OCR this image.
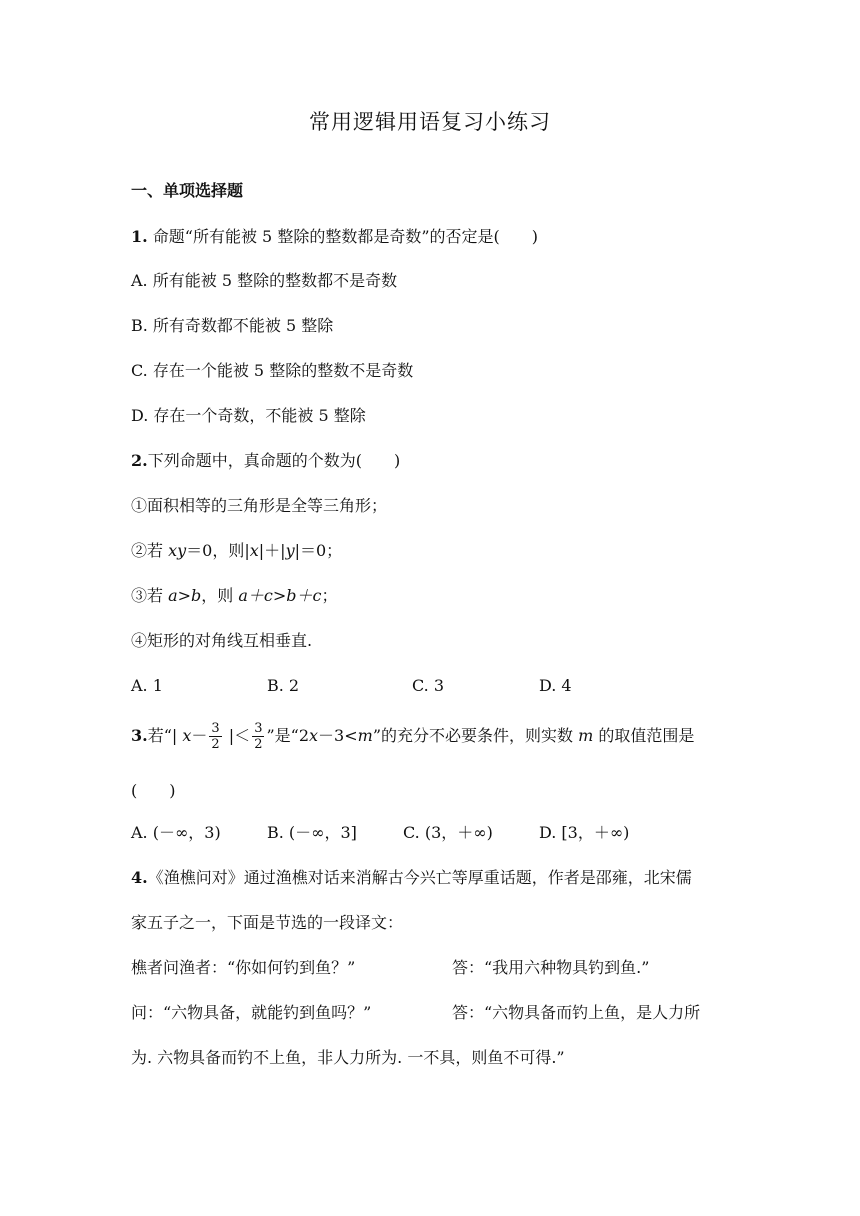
常用逻辑用语复习小练习
一、单项选择题
1. 命题“所有能被 5 整除的整数都是奇数”的否定是(　　)
A. 所有能被 5 整除的整数都不是奇数
B. 所有奇数都不能被 5 整除
C. 存在一个能被 5 整除的整数不是奇数
D. 存在一个奇数，不能被 5 整除
2.下列命题中，真命题的个数为(　　)
①面积相等的三角形是全等三角形；
②若 xy＝0，则|x|＋|y|＝0；
③若 a>b，则 a＋c>b＋c；
④矩形的对角线互相垂直.
A. 1	B. 2	C. 3	D. 4
3.若“| $x- \frac{3}{2}$ |＜ $\frac{3}{2}$ ”是“2x－3<m”的充分不必要条件，则实数 m 的取值范围是
(　　)
A. (－∞，3)	B. (－∞，3]	C. (3，＋∞)	D. [3，＋∞)
4.《渔樵问对》通过渔樵对话来消解古今兴亡等厚重话题，作者是邵雍，北宋儒
家五子之一，下面是节选的一段译文：
樵者问渔者：“你如何钓到鱼？”	答：“我用六种物具钓到鱼.”
问：“六物具备，就能钓到鱼吗？”	答：“六物具备而钓上鱼，是人力所
为. 六物具备而钓不上鱼，非人力所为. 一不具，则鱼不可得.”
